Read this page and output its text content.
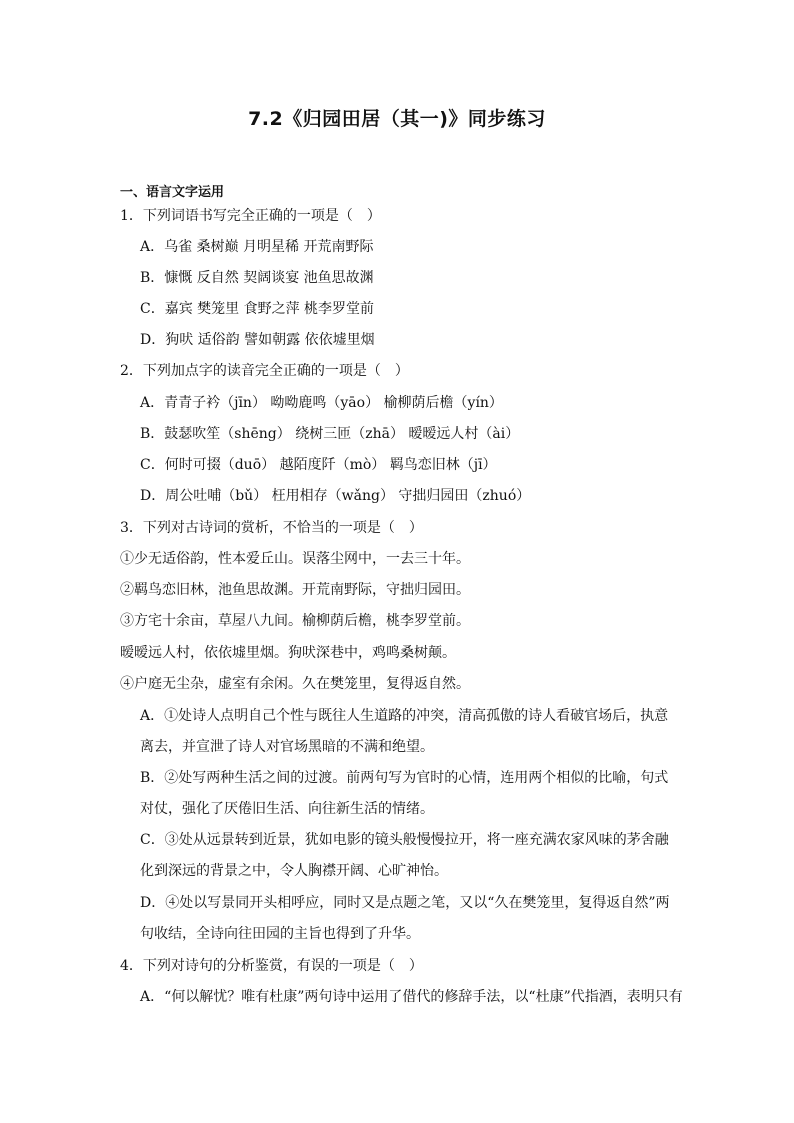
7.2《归园田居（其一)》同步练习
一、语言文字运用
1．下列词语书写完全正确的一项是（　）
A．乌雀 桑树巅 月明星稀 开荒南野际
B．慷慨 反自然 契阔谈宴 池鱼思故渊
C．嘉宾 樊笼里 食野之萍 桃李罗堂前
D．狗吠 适俗韵 譬如朝露 依依墟里烟
2．下列加点字的读音完全正确的一项是（　）
A．青青子衿（jīn） 呦呦鹿鸣（yāo） 榆柳荫后檐（yín）
B．鼓瑟吹笙（shēng） 绕树三匝（zhā） 暧暧远人村（ài）
C．何时可掇（duō） 越陌度阡（mò） 羁鸟恋旧林（jī）
D．周公吐哺（bǔ） 枉用相存（wǎng） 守拙归园田（zhuó）
3．下列对古诗词的赏析，不恰当的一项是（　）
①少无适俗韵，性本爱丘山。误落尘网中，一去三十年。
②羁鸟恋旧林，池鱼思故渊。开荒南野际，守拙归园田。
③方宅十余亩，草屋八九间。榆柳荫后檐，桃李罗堂前。
暧暧远人村，依依墟里烟。狗吠深巷中，鸡鸣桑树颠。
④户庭无尘杂，虚室有余闲。久在樊笼里，复得返自然。
A．①处诗人点明自己个性与既往人生道路的冲突，清高孤傲的诗人看破官场后，执意
离去，并宣泄了诗人对官场黑暗的不满和绝望。
B．②处写两种生活之间的过渡。前两句写为官时的心情，连用两个相似的比喻，句式
对仗，强化了厌倦旧生活、向往新生活的情绪。
C．③处从远景转到近景，犹如电影的镜头般慢慢拉开，将一座充满农家风味的茅舍融
化到深远的背景之中，令人胸襟开阔、心旷神怡。
D．④处以写景同开头相呼应，同时又是点题之笔，又以“久在樊笼里，复得返自然”两
句收结，全诗向往田园的主旨也得到了升华。
4．下列对诗句的分析鉴赏，有误的一项是（　）
A．“何以解忧？唯有杜康”两句诗中运用了借代的修辞手法，以“杜康”代指酒，表明只有
